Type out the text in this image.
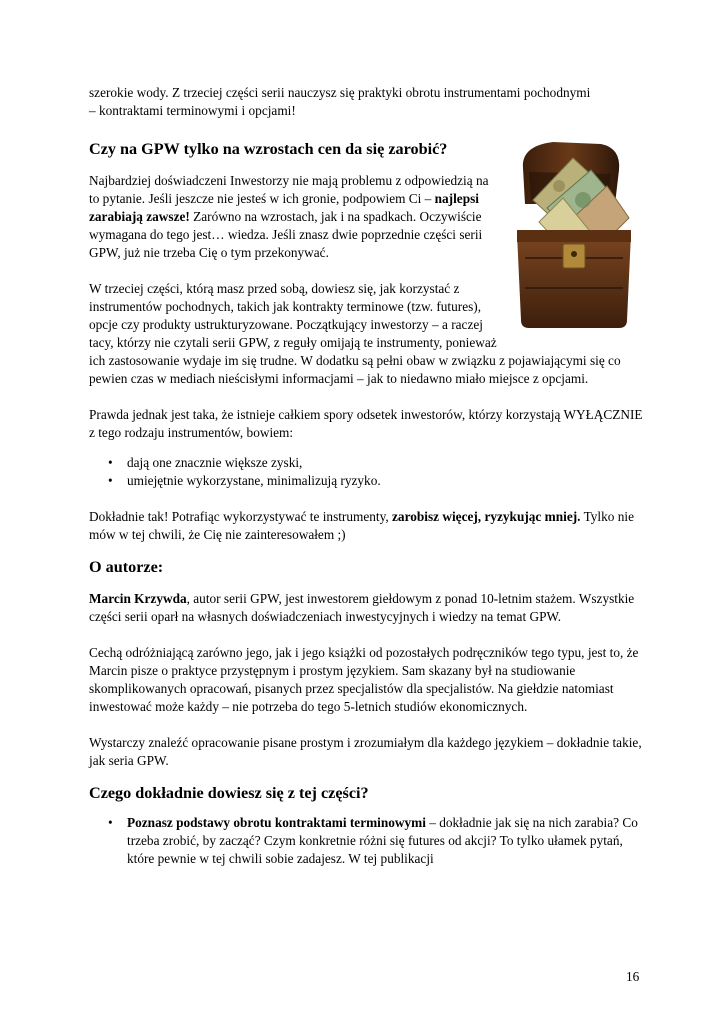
szerokie wody. Z trzeciej części serii nauczysz się praktyki obrotu instrumentami pochodnymi
– kontraktami terminowymi i opcjami!

Czy na GPW tylko na wzrostach cen da się zarobić?

Najbardziej doświadczeni Inwestorzy nie mają problemu z odpowiedzią na to pytanie. Jeśli jeszcze nie jesteś w ich gronie, podpowiem Ci – najlepsi zarabiają zawsze! Zarówno na wzrostach, jak i na spadkach. Oczywiście wymagana do tego jest… wiedza. Jeśli znasz dwie poprzednie części serii GPW, już nie trzeba Cię o tym przekonywać.

W trzeciej części, którą masz przed sobą, dowiesz się, jak korzystać z instrumentów pochodnych, takich jak kontrakty terminowe (tzw. futures), opcje czy produkty ustrukturyzowane. Początkujący inwestorzy – a raczej tacy, którzy nie czytali serii GPW, z reguły omijają te instrumenty, ponieważ ich zastosowanie wydaje im się trudne. W dodatku są pełni obaw w związku z pojawiającymi się co pewien czas w mediach nieścisłymi informacjami – jak to niedawno miało miejsce z opcjami.

Prawda jednak jest taka, że istnieje całkiem spory odsetek inwestorów, którzy korzystają WYŁĄCZNIE z tego rodzaju instrumentów, bowiem:

• dają one znacznie większe zyski,
• umiejętnie wykorzystane, minimalizują ryzyko.

Dokładnie tak! Potrafiąc wykorzystywać te instrumenty, zarobisz więcej, ryzykując mniej. Tylko nie mów w tej chwili, że Cię nie zainteresowałem ;)

O autorze:

Marcin Krzywda, autor serii GPW, jest inwestorem giełdowym z ponad 10-letnim stażem. Wszystkie części serii oparł na własnych doświadczeniach inwestycyjnych i wiedzy na temat GPW.

Cechą odróżniającą zarówno jego, jak i jego książki od pozostałych podręczników tego typu, jest to, że Marcin pisze o praktyce przystępnym i prostym językiem. Sam skazany był na studiowanie skomplikowanych opracowań, pisanych przez specjalistów dla specjalistów. Na giełdzie natomiast inwestować może każdy – nie potrzeba do tego 5-letnich studiów ekonomicznych.

Wystarczy znaleźć opracowanie pisane prostym i zrozumiałym dla każdego językiem – dokładnie takie, jak seria GPW.

Czego dokładnie dowiesz się z tej części?
• Poznasz podstawy obrotu kontraktami terminowymi – dokładnie jak się na nich zarabia? Co trzeba zrobić, by zacząć? Czym konkretnie różni się futures od akcji? To tylko ułamek pytań, które pewnie w tej chwili sobie zadajesz. W tej publikacji
16
